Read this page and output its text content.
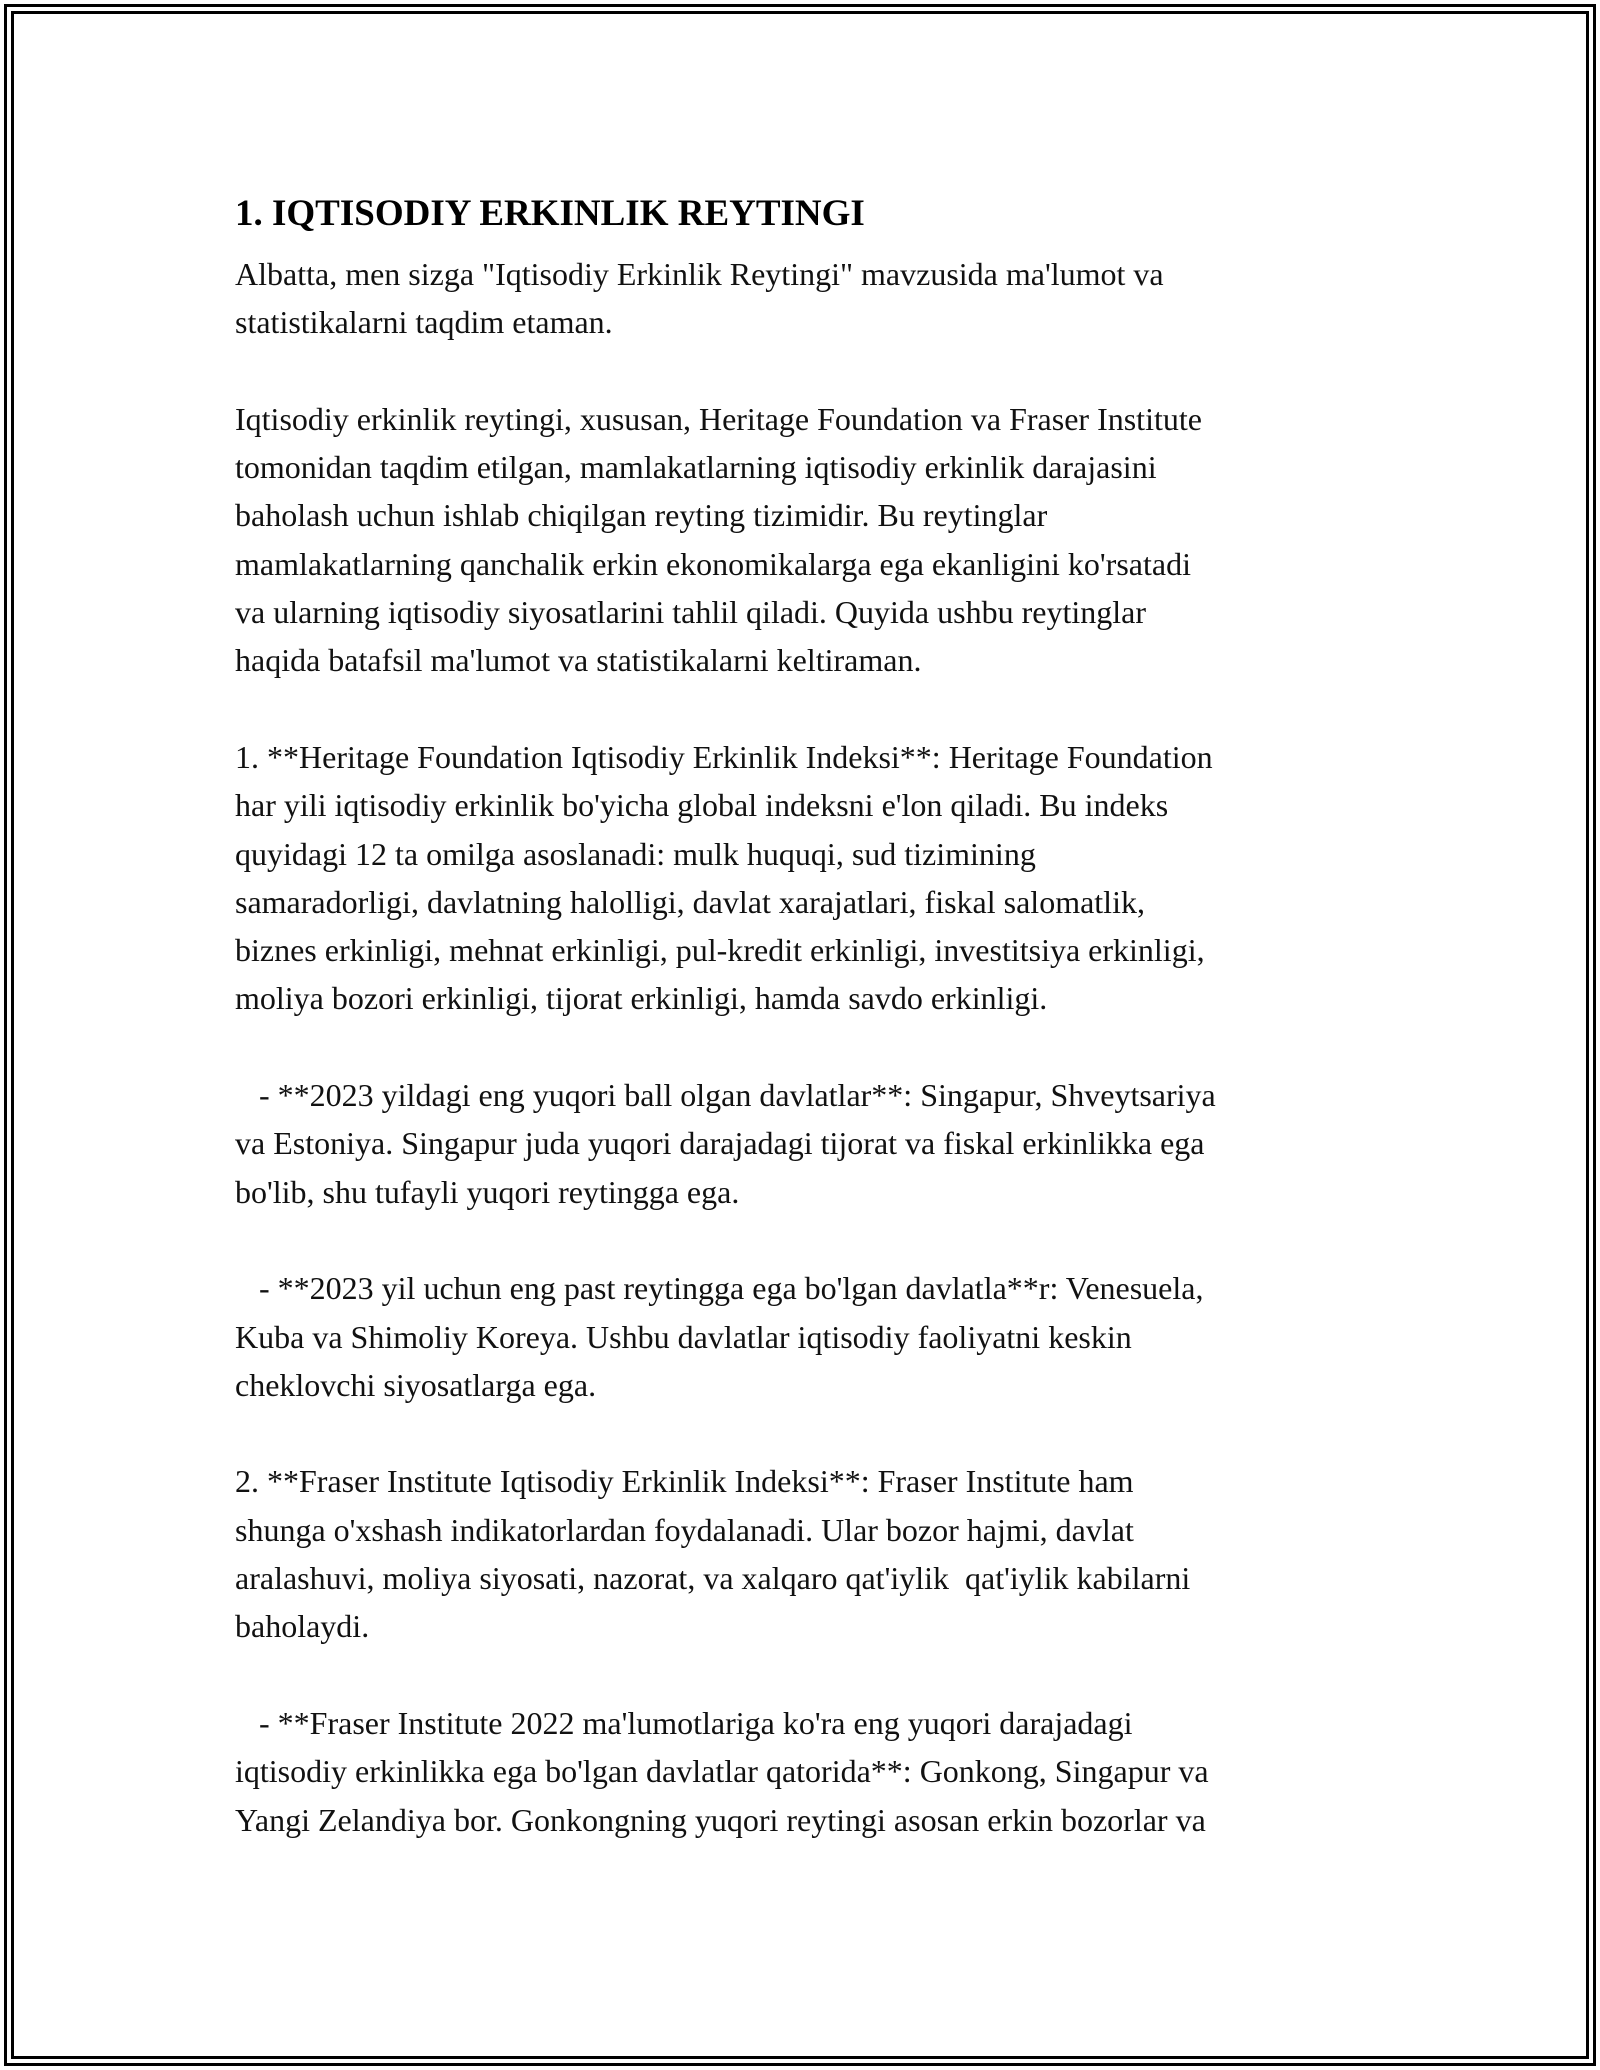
1. IQTISODIY ERKINLIK REYTINGI

Albatta, men sizga "Iqtisodiy Erkinlik Reytingi" mavzusida ma'lumot va
statistikalarni taqdim etaman.

Iqtisodiy erkinlik reytingi, xususan, Heritage Foundation va Fraser Institute
tomonidan taqdim etilgan, mamlakatlarning iqtisodiy erkinlik darajasini
baholash uchun ishlab chiqilgan reyting tizimidir. Bu reytinglar
mamlakatlarning qanchalik erkin ekonomikalarga ega ekanligini ko'rsatadi
va ularning iqtisodiy siyosatlarini tahlil qiladi. Quyida ushbu reytinglar
haqida batafsil ma'lumot va statistikalarni keltiraman.

1. **Heritage Foundation Iqtisodiy Erkinlik Indeksi**: Heritage Foundation
har yili iqtisodiy erkinlik bo'yicha global indeksni e'lon qiladi. Bu indeks
quyidagi 12 ta omilga asoslanadi: mulk huquqi, sud tizimining
samaradorligi, davlatning halolligi, davlat xarajatlari, fiskal salomatlik,
biznes erkinligi, mehnat erkinligi, pul-kredit erkinligi, investitsiya erkinligi,
moliya bozori erkinligi, tijorat erkinligi, hamda savdo erkinligi.

- **2023 yildagi eng yuqori ball olgan davlatlar**: Singapur, Shveytsariya
va Estoniya. Singapur juda yuqori darajadagi tijorat va fiskal erkinlikka ega
bo'lib, shu tufayli yuqori reytingga ega.

- **2023 yil uchun eng past reytingga ega bo'lgan davlatla**r: Venesuela,
Kuba va Shimoliy Koreya. Ushbu davlatlar iqtisodiy faoliyatni keskin
cheklovchi siyosatlarga ega.

2. **Fraser Institute Iqtisodiy Erkinlik Indeksi**: Fraser Institute ham
shunga o'xshash indikatorlardan foydalanadi. Ular bozor hajmi, davlat
aralashuvi, moliya siyosati, nazorat, va xalqaro qat'iylik  qat'iylik kabilarni
baholaydi.

- **Fraser Institute 2022 ma'lumotlariga ko'ra eng yuqori darajadagi
iqtisodiy erkinlikka ega bo'lgan davlatlar qatorida**: Gonkong, Singapur va
Yangi Zelandiya bor. Gonkongning yuqori reytingi asosan erkin bozorlar va
